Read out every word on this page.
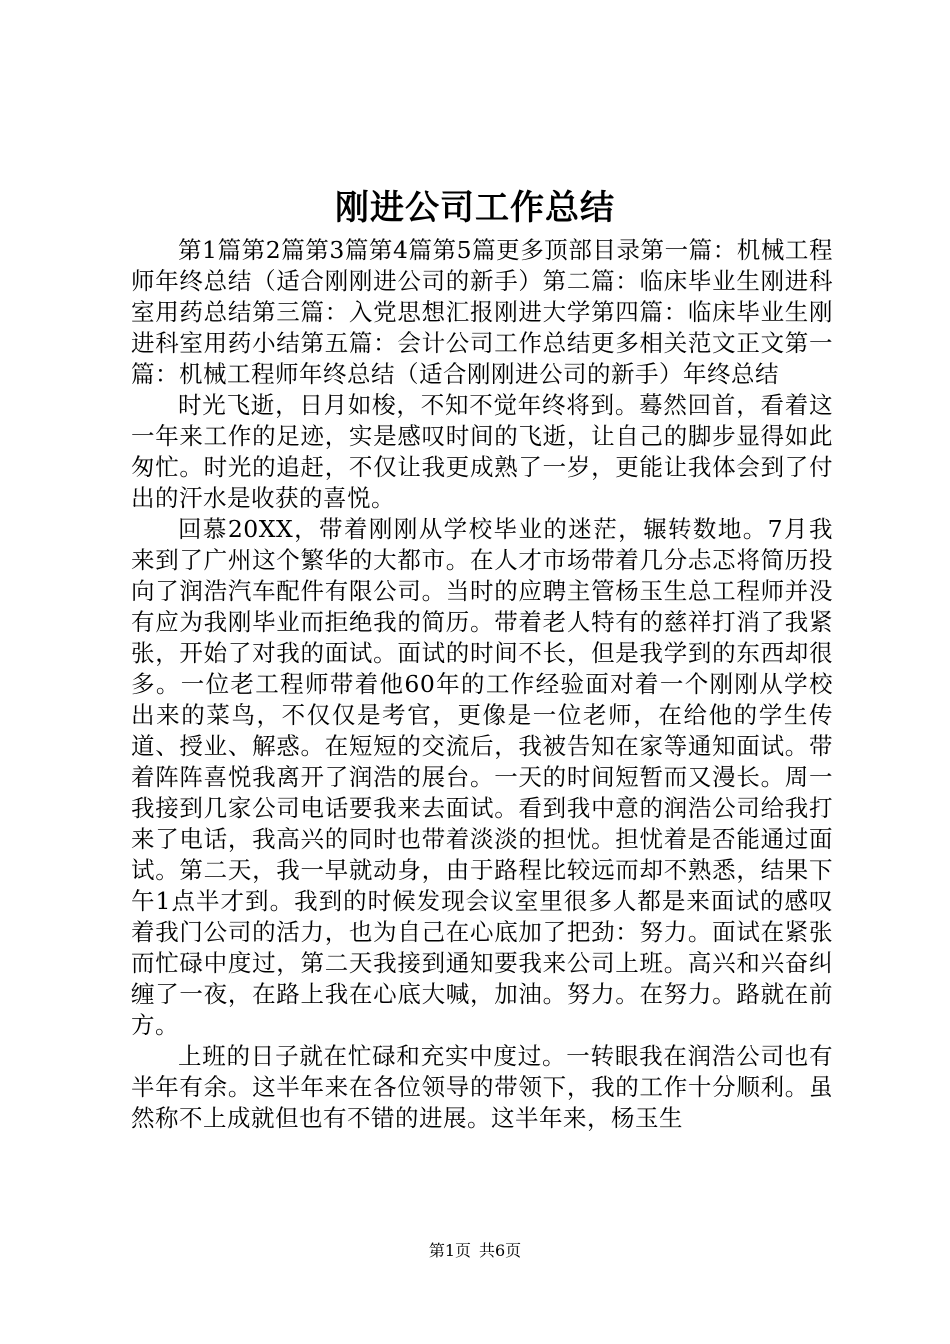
刚进公司工作总结

第1篇第2篇第3篇第4篇第5篇更多顶部目录第一篇：机械工程师年终总结（适合刚刚进公司的新手）第二篇：临床毕业生刚进科室用药总结第三篇：入党思想汇报刚进大学第四篇：临床毕业生刚进科室用药小结第五篇：会计公司工作总结更多相关范文正文第一篇：机械工程师年终总结（适合刚刚进公司的新手）年终总结

时光飞逝，日月如梭，不知不觉年终将到。蓦然回首，看着这一年来工作的足迹，实是感叹时间的飞逝，让自己的脚步显得如此匆忙。时光的追赶，不仅让我更成熟了一岁，更能让我体会到了付出的汗水是收获的喜悦。

回慕20XX，带着刚刚从学校毕业的迷茫，辗转数地。7月我来到了广州这个繁华的大都市。在人才市场带着几分忐忑将简历投向了润浩汽车配件有限公司。当时的应聘主管杨玉生总工程师并没有应为我刚毕业而拒绝我的简历。带着老人特有的慈祥打消了我紧张，开始了对我的面试。面试的时间不长，但是我学到的东西却很多。一位老工程师带着他60年的工作经验面对着一个刚刚从学校出来的菜鸟，不仅仅是考官，更像是一位老师，在给他的学生传道、授业、解惑。在短短的交流后，我被告知在家等通知面试。带着阵阵喜悦我离开了润浩的展台。一天的时间短暂而又漫长。周一我接到几家公司电话要我来去面试。看到我中意的润浩公司给我打来了电话，我高兴的同时也带着淡淡的担忧。担忧着是否能通过面试。第二天，我一早就动身，由于路程比较远而却不熟悉，结果下午1点半才到。我到的时候发现会议室里很多人都是来面试的感叹着我门公司的活力，也为自己在心底加了把劲：努力。面试在紧张而忙碌中度过，第二天我接到通知要我来公司上班。高兴和兴奋纠缠了一夜，在路上我在心底大喊，加油。努力。在努力。路就在前方。

上班的日子就在忙碌和充实中度过。一转眼我在润浩公司也有半年有余。这半年来在各位领导的带领下，我的工作十分顺利。虽然称不上成就但也有不错的进展。这半年来，杨玉生

第1页 共6页
